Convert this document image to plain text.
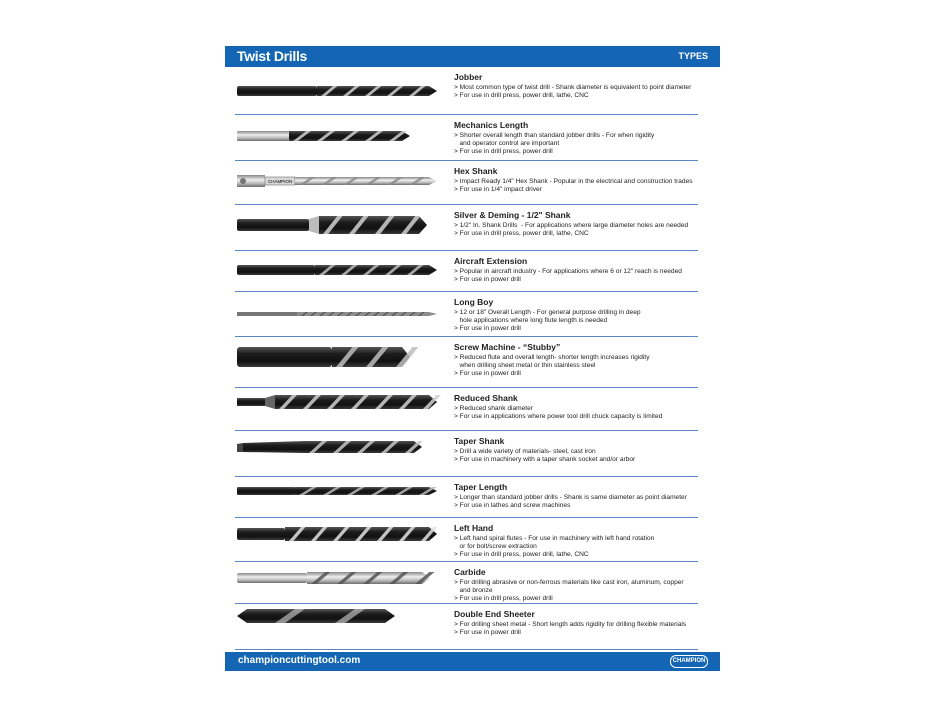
Twist Drills	TYPES
Jobber
> Most common type of twist drill - Shank diameter is equivalent to point diameter
> For use in drill press, power drill, lathe, CNC
Mechanics Length
> Shorter overall length than standard jobber drills - For when rigidity
and operator control are important
> For use in drill press, power drill
CHAMPION
Hex Shank
> Impact Ready 1/4" Hex Shank - Popular in the electrical and construction trades
> For use in 1/4" impact driver
Silver & Deming - 1/2" Shank
> 1/2" In. Shank Drills  - For applications where large diameter holes are needed
> For use in drill press, power drill, lathe, CNC
Aircraft Extension
> Popular in aircraft industry - For applications where 6 or 12" reach is needed
> For use in power drill
Long Boy
> 12 or 18" Overall Length - For general purpose drilling in deep
hole applications where long flute length is needed
> For use in power drill
Screw Machine - “Stubby”
> Reduced flute and overall length- shorter length increases rigidity
when drilling sheet metal or thin stainless steel
> For use in power drill
Reduced Shank
> Reduced shank diameter
> For use in applications where power tool drill chuck capacity is limited
Taper Shank
> Drill a wide variety of materials- steel, cast iron
> For use in machinery with a taper shank socket and/or arbor
Taper Length
> Longer than standard jobber drills - Shank is same diameter as point diameter
> For use in lathes and screw machines
Left Hand
> Left hand spiral flutes - For use in machinery with left hand rotation
or for bolt/screw extraction
> For use in drill press, power drill, lathe, CNC
Carbide
> For drilling abrasive or non-ferrous materials like cast iron, aluminum, copper
and bronze
> For use in drill press, power drill
Double End Sheeter
> For drilling sheet metal - Short length adds rigidity for drilling flexible materials
> For use in power drill
championcuttingtool.com	CHAMPION
